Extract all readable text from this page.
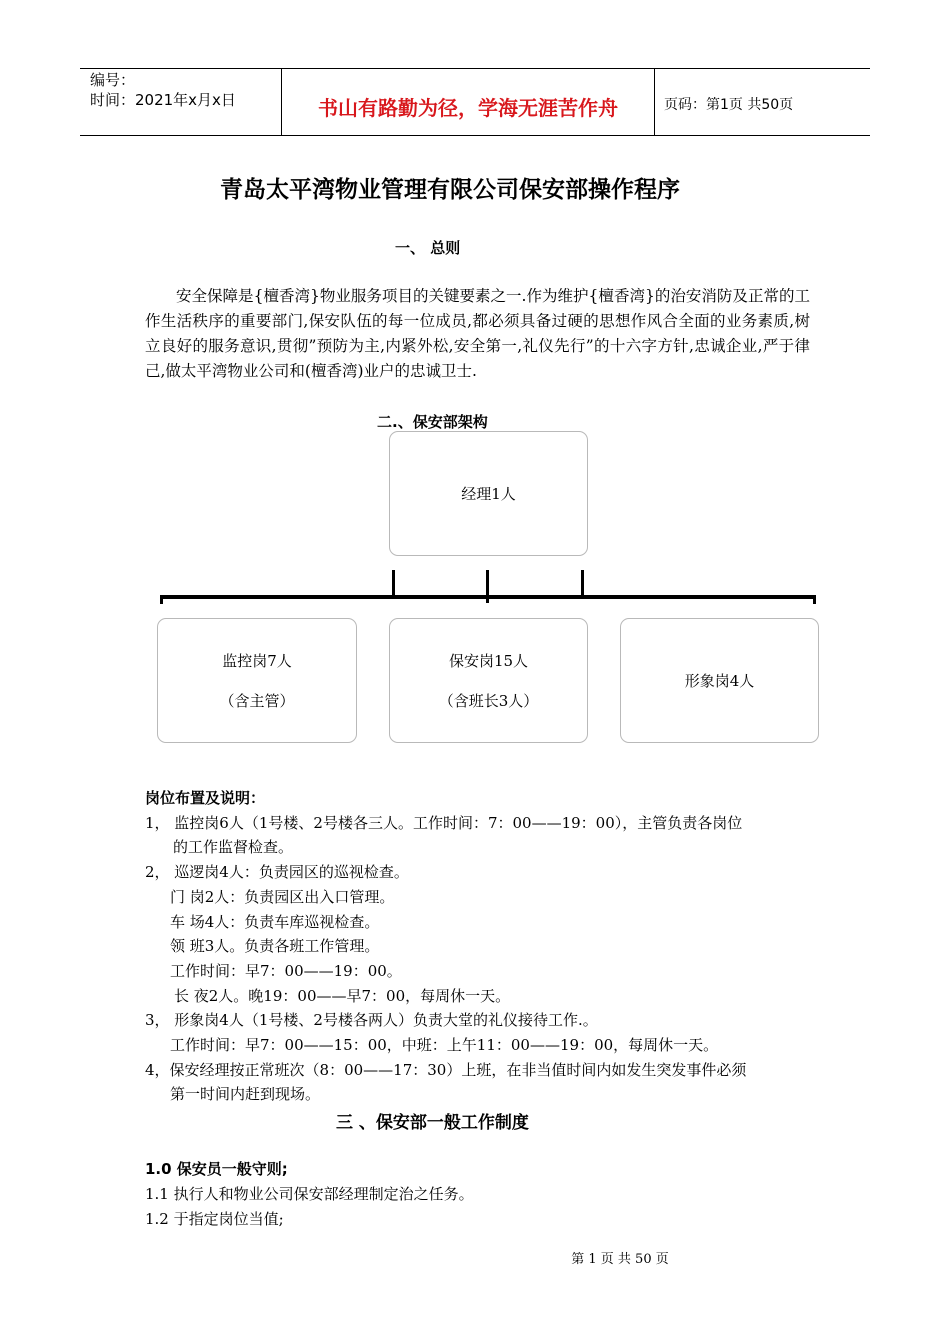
编号：
时间：2021年x月x日	书山有路勤为径，学海无涯苦作舟	页码：第1页 共50页
青岛太平湾物业管理有限公司保安部操作程序
一、 总则
安全保障是{檀香湾}物业服务项目的关键要素之一.作为维护{檀香湾}的治安消防及正常的工作生活秩序的重要部门,保安队伍的每一位成员,都必须具备过硬的思想作风合全面的业务素质,树立良好的服务意识,贯彻”预防为主,内紧外松,安全第一,礼仪先行”的十六字方针,忠诚企业,严于律己,做太平湾物业公司和(檀香湾)业户的忠诚卫士.
二.、保安部架构
经理1人
监控岗7人
（含主管）
保安岗15人
（含班长3人）
形象岗4人
岗位布置及说明：
1， 监控岗6人（1号楼、2号楼各三人。工作时间：7：00——19：00），主管负责各岗位
的工作监督检查。
2， 巡逻岗4人：负责园区的巡视检查。
门 岗2人：负责园区出入口管理。
车 场4人：负责车库巡视检查。
领 班3人。负责各班工作管理。
工作时间：早7：00——19：00。
长 夜2人。晚19：00——早7：00，每周休一天。
3， 形象岗4人（1号楼、2号楼各两人）负责大堂的礼仪接待工作.。
工作时间：早7：00——15：00，中班：上午11：00——19：00，每周休一天。
4，保安经理按正常班次（8：00——17：30）上班，在非当值时间内如发生突发事件必须
第一时间内赶到现场。
三 、保安部一般工作制度
1.0 保安员一般守则;
1.1 执行人和物业公司保安部经理制定治之任务。
1.2 于指定岗位当值;
第 1 页 共 50 页
